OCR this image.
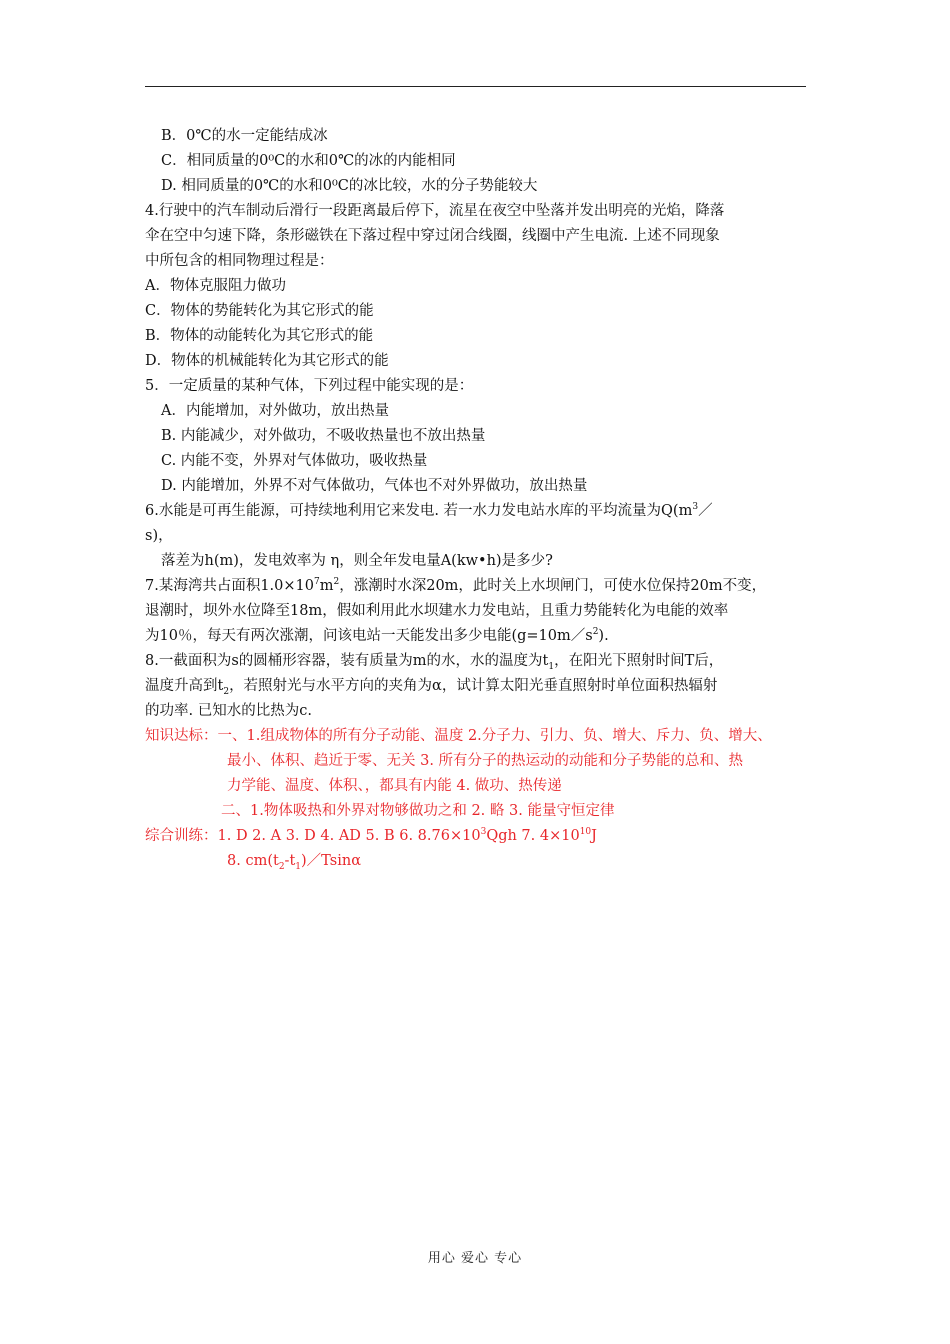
B．0℃的水一定能结成冰
C．相同质量的0⁰C的水和0℃的冰的内能相同
D. 相同质量的0℃的水和0⁰C的冰比较，水的分子势能较大
4.行驶中的汽车制动后滑行一段距离最后停下，流星在夜空中坠落并发出明亮的光焰，降落
伞在空中匀速下降，条形磁铁在下落过程中穿过闭合线圈，线圈中产生电流. 上述不同现象
中所包含的相同物理过程是：
A．物体克服阻力做功
C．物体的势能转化为其它形式的能
B．物体的动能转化为其它形式的能
D．物体的机械能转化为其它形式的能
5．一定质量的某种气体，下列过程中能实现的是：
A．内能增加，对外做功，放出热量
B. 内能减少，对外做功，不吸收热量也不放出热量
C. 内能不变，外界对气体做功，吸收热量
D. 内能增加，外界不对气体做功，气体也不对外界做功，放出热量
6.水能是可再生能源，可持续地利用它来发电. 若一水力发电站水库的平均流量为$Q(m^3/$
s)，
落差为h(m)，发电效率为 η，则全年发电量A(kw•h)是多少?
7.某海湾共占面积$1.0\times 10^7m^2$，涨潮时水深20m，此时关上水坝闸门，可使水位保持20m不变，
退潮时，坝外水位降至18m，假如利用此水坝建水力发电站，且重力势能转化为电能的效率
为10％，每天有两次涨潮，问该电站一天能发出多少电能$(g=10m/s^2)$.
8.一截面积为s的圆桶形容器，装有质量为m的水，水的温度为$t_1$，在阳光下照射时间T后，
温度升高到$t_2$，若照射光与水平方向的夹角为α，试计算太阳光垂直照射时单位面积热辐射
的功率. 已知水的比热为c.
知识达标：一、1.组成物体的所有分子动能、温度 2.分子力、引力、负、增大、斥力、负、增大、
最小、体积、趋近于零、无关 3. 所有分子的热运动的动能和分子势能的总和、热
力学能、温度、体积、，都具有内能 4. 做功、热传递
二、1.物体吸热和外界对物够做功之和 2. 略 3. 能量守恒定律
综合训练：1. D 2. A 3. D 4. AD 5. B 6. $8.76\times 10^3Qgh$ 7. $4\times 10^{10}J$
8. $cm(t_2-t_1)/Tsin\alpha$
用心 爱心 专心
